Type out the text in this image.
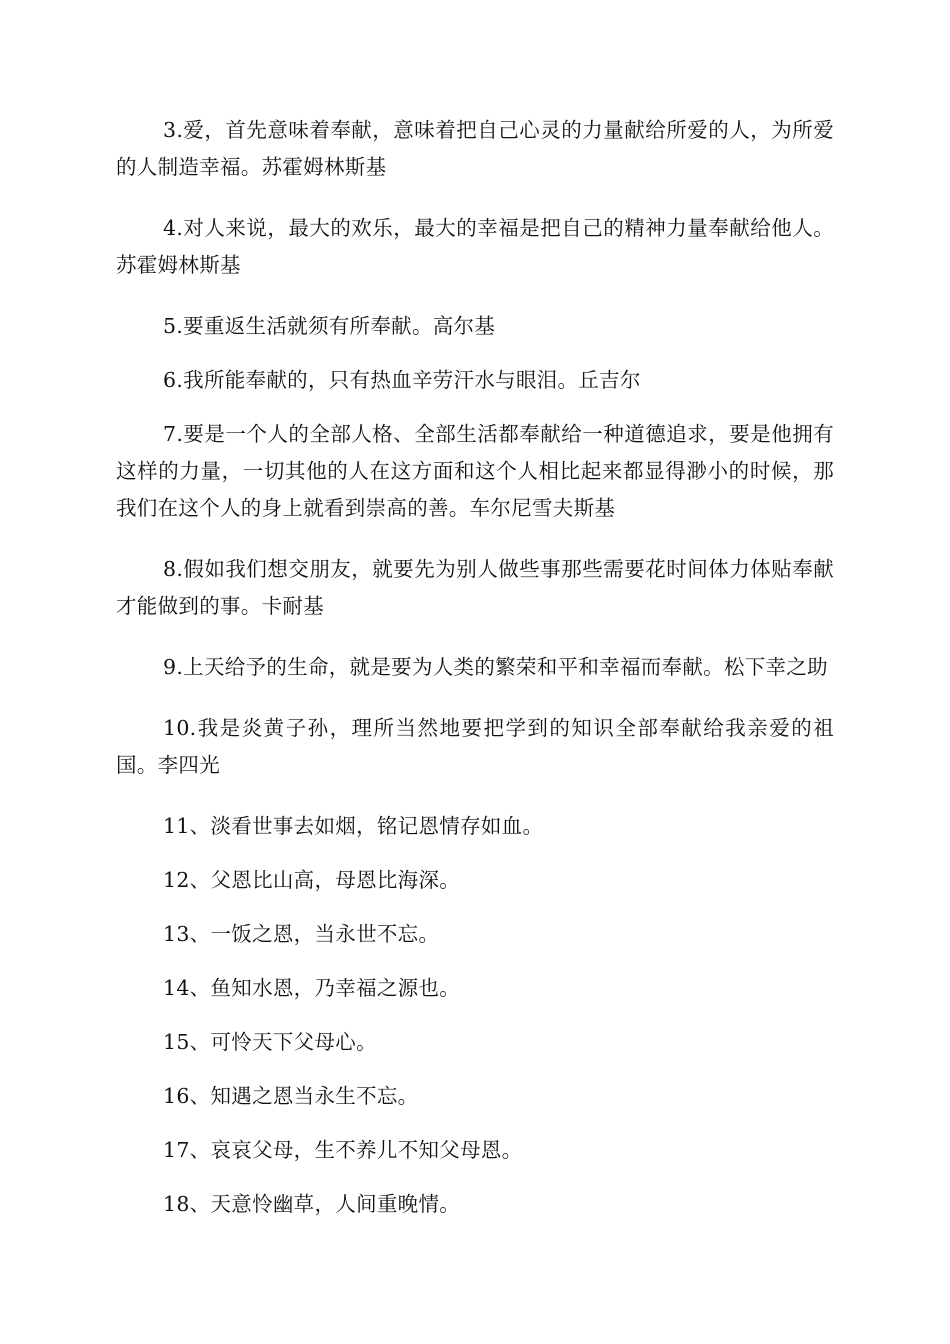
3.爱，首先意味着奉献，意味着把自己心灵的力量献给所爱的人，为所爱的人制造幸福。苏霍姆林斯基

4.对人来说，最大的欢乐，最大的幸福是把自己的精神力量奉献给他人。苏霍姆林斯基

5.要重返生活就须有所奉献。高尔基

6.我所能奉献的，只有热血辛劳汗水与眼泪。丘吉尔

7.要是一个人的全部人格、全部生活都奉献给一种道德追求，要是他拥有这样的力量，一切其他的人在这方面和这个人相比起来都显得渺小的时候，那我们在这个人的身上就看到崇高的善。车尔尼雪夫斯基

8.假如我们想交朋友，就要先为别人做些事那些需要花时间体力体贴奉献才能做到的事。卡耐基

9.上天给予的生命，就是要为人类的繁荣和平和幸福而奉献。松下幸之助

10.我是炎黄子孙，理所当然地要把学到的知识全部奉献给我亲爱的祖国。李四光

11、淡看世事去如烟，铭记恩情存如血。

12、父恩比山高，母恩比海深。

13、一饭之恩，当永世不忘。

14、鱼知水恩，乃幸福之源也。

15、可怜天下父母心。

16、知遇之恩当永生不忘。

17、哀哀父母，生不养儿不知父母恩。

18、天意怜幽草，人间重晚情。
